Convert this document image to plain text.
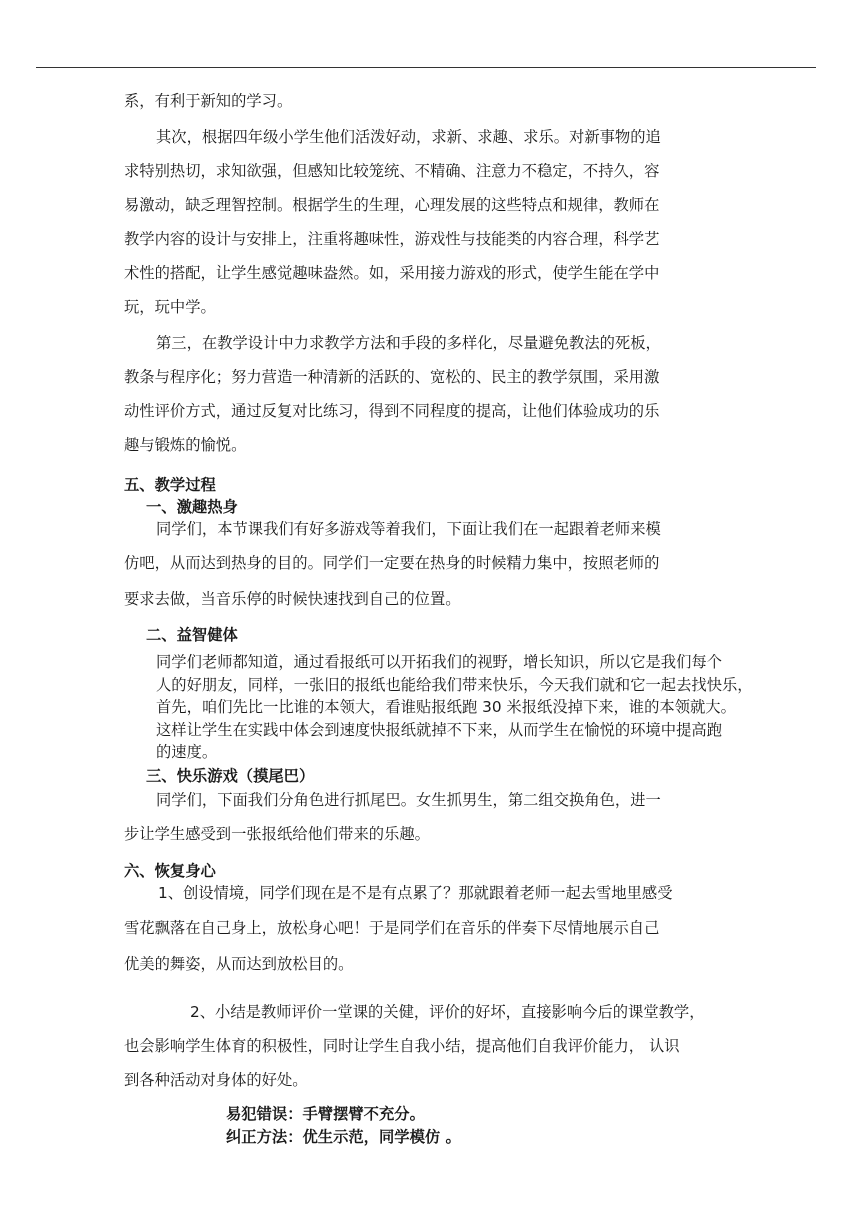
系，有利于新知的学习。
其次，根据四年级小学生他们活泼好动，求新、求趣、求乐。对新事物的追
求特别热切，求知欲强，但感知比较笼统、不精确、注意力不稳定，不持久，容
易激动，缺乏理智控制。根据学生的生理，心理发展的这些特点和规律，教师在
教学内容的设计与安排上，注重将趣味性，游戏性与技能类的内容合理，科学艺
术性的搭配，让学生感觉趣味盎然。如，采用接力游戏的形式，使学生能在学中
玩，玩中学。
第三，在教学设计中力求教学方法和手段的多样化，尽量避免教法的死板，
教条与程序化；努力营造一种清新的活跃的、宽松的、民主的教学氛围，采用激
动性评价方式，通过反复对比练习，得到不同程度的提高，让他们体验成功的乐
趣与锻炼的愉悦。
五、教学过程
一、激趣热身
同学们，本节课我们有好多游戏等着我们，下面让我们在一起跟着老师来模
仿吧，从而达到热身的目的。同学们一定要在热身的时候精力集中，按照老师的
要求去做，当音乐停的时候快速找到自己的位置。
二、益智健体
同学们老师都知道，通过看报纸可以开拓我们的视野，增长知识，所以它是我们每个
人的好朋友，同样，一张旧的报纸也能给我们带来快乐，今天我们就和它一起去找快乐，
首先，咱们先比一比谁的本领大，看谁贴报纸跑 30 米报纸没掉下来，谁的本领就大。
这样让学生在实践中体会到速度快报纸就掉不下来，从而学生在愉悦的环境中提高跑
的速度。
三、快乐游戏（摸尾巴）
同学们，下面我们分角色进行抓尾巴。女生抓男生，第二组交换角色，进一
步让学生感受到一张报纸给他们带来的乐趣。
六、恢复身心
1、创设情境，同学们现在是不是有点累了？那就跟着老师一起去雪地里感受
雪花飘落在自己身上，放松身心吧！于是同学们在音乐的伴奏下尽情地展示自己
优美的舞姿，从而达到放松目的。
2、小结是教师评价一堂课的关健，评价的好坏，直接影响今后的课堂教学，
也会影响学生体育的积极性，同时让学生自我小结，提高他们自我评价能力， 认识
到各种活动对身体的好处。
易犯错误：手臂摆臂不充分。
纠正方法：优生示范，同学模仿 。
